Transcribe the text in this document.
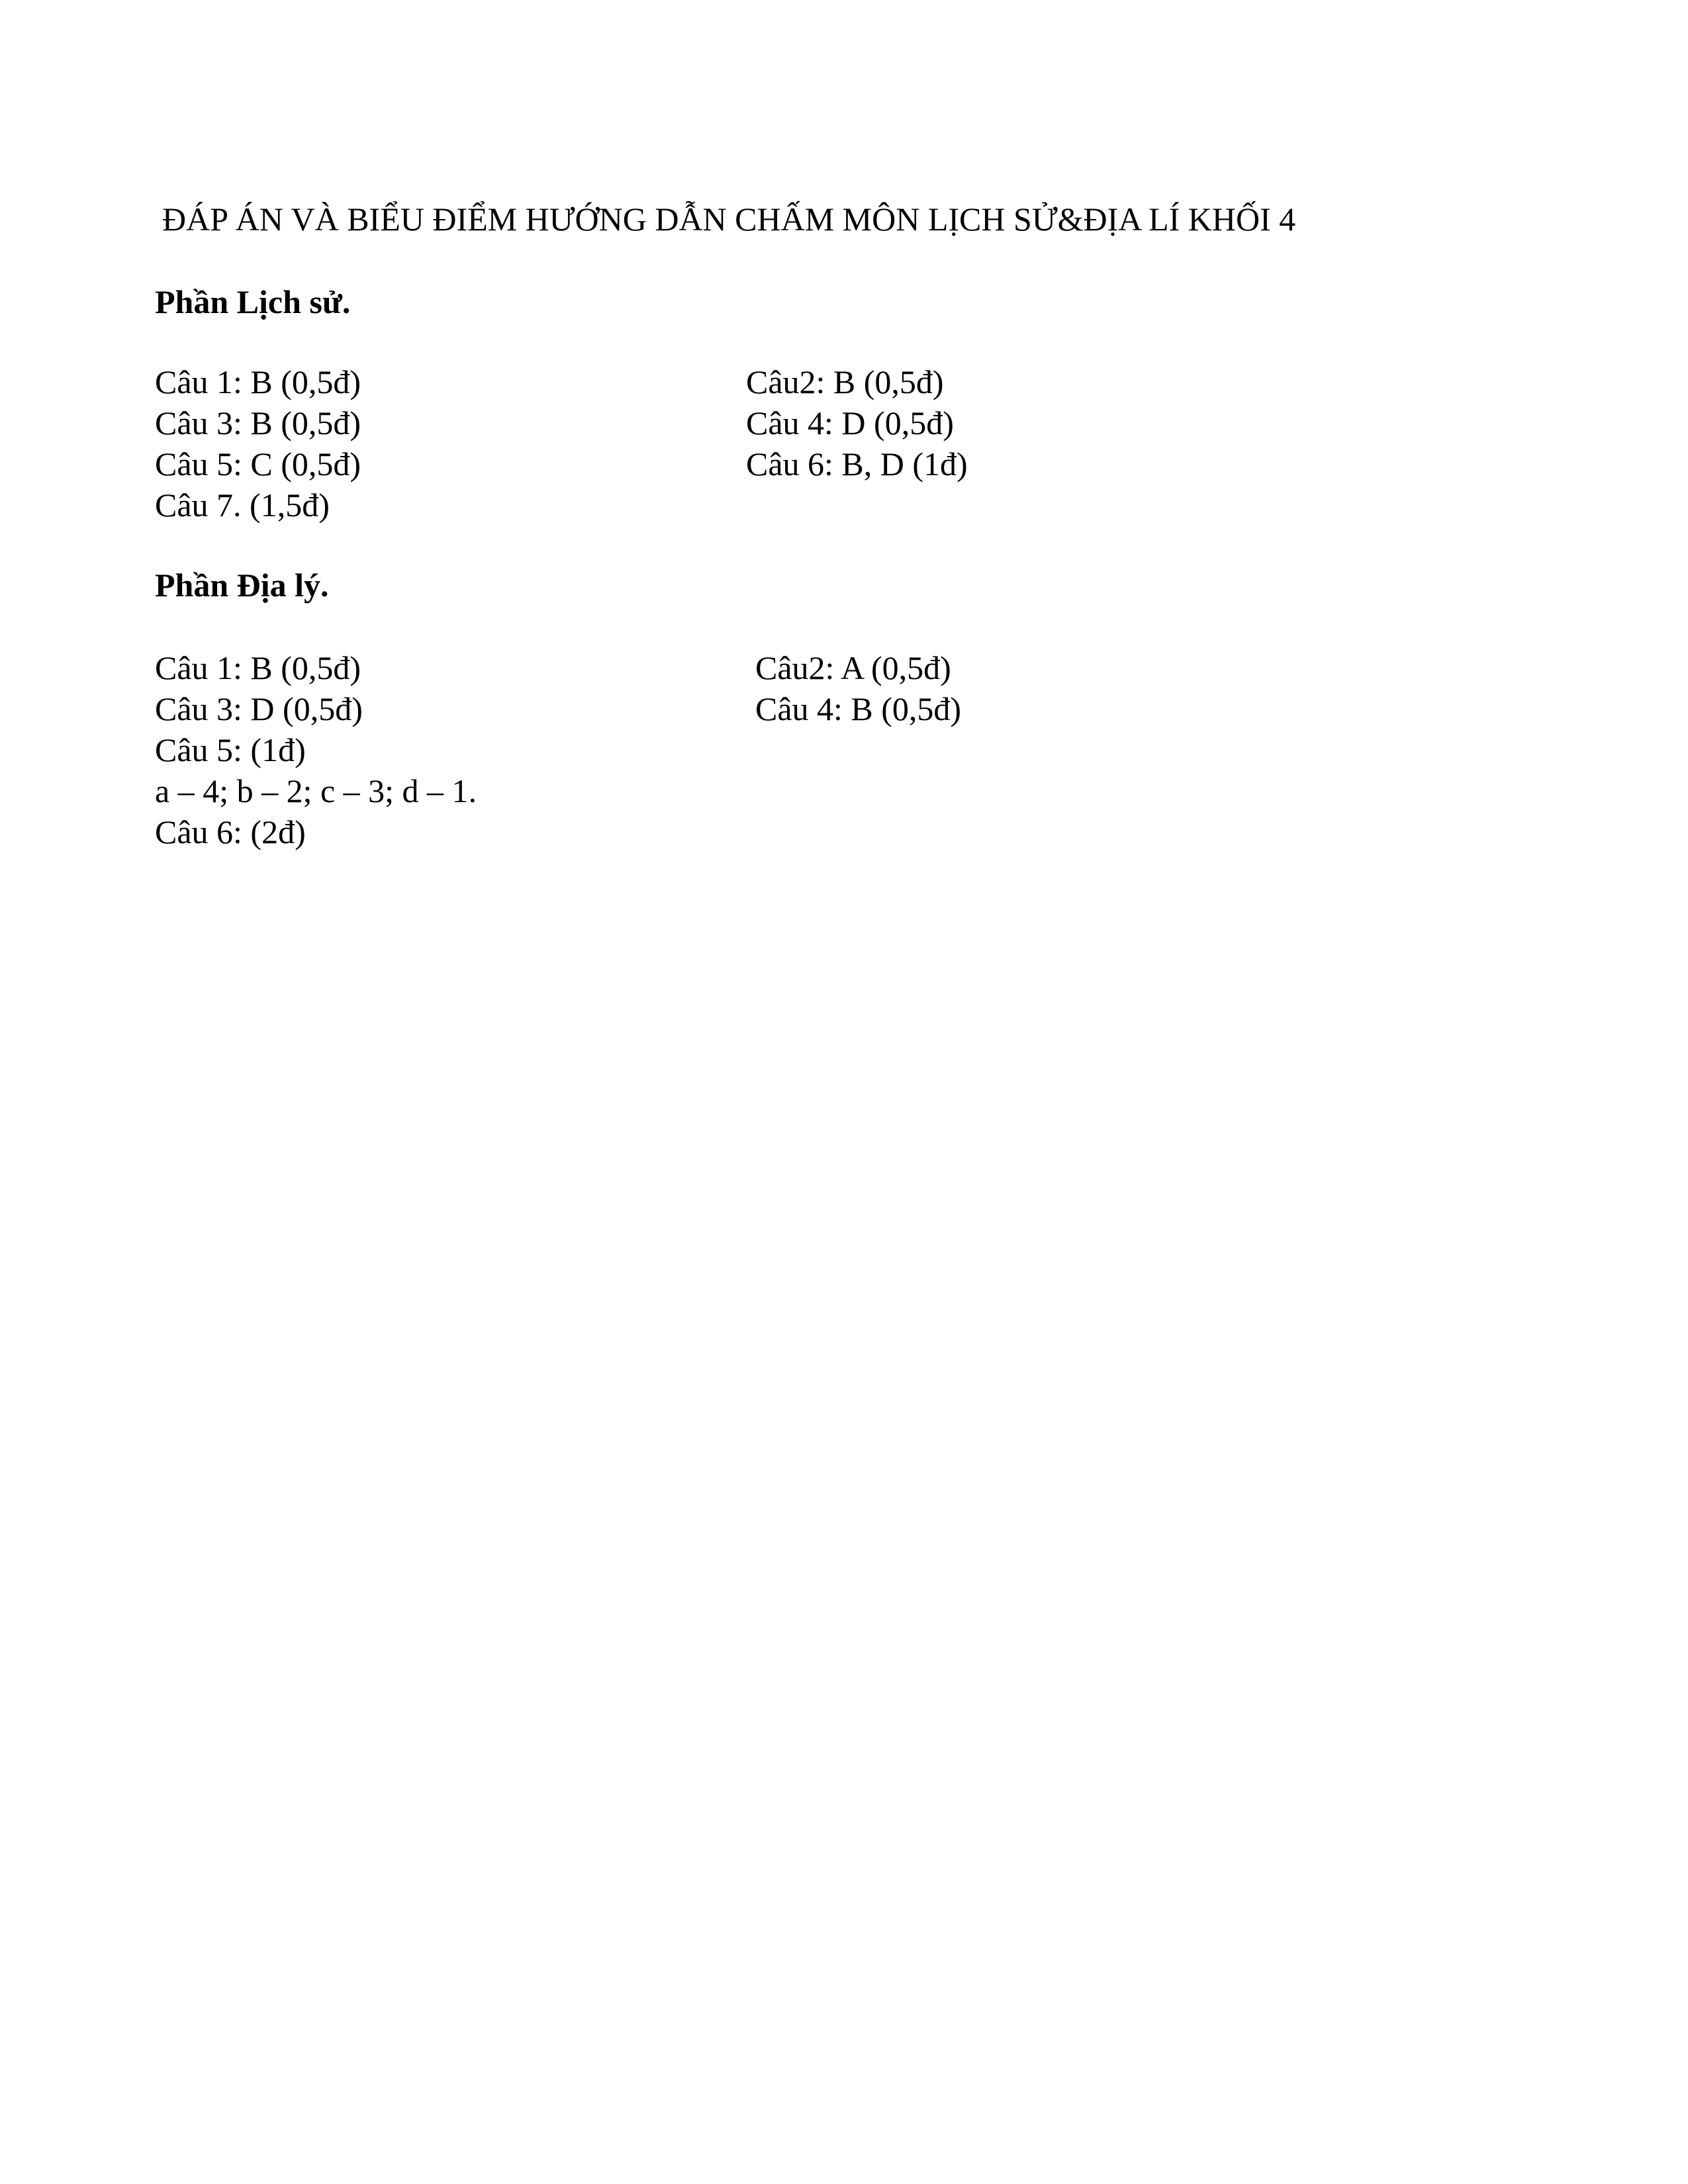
ĐÁP ÁN VÀ BIỂU ĐIỂM HƯỚNG DẪN CHẤM MÔN LỊCH SỬ&ĐỊA LÍ KHỐI 4
Phần Lịch sử.
Câu 1: B (0,5đ)	Câu2: B (0,5đ)
Câu 3: B (0,5đ)	Câu 4: D (0,5đ)
Câu 5: C (0,5đ)	Câu 6: B, D (1đ)
Câu 7. (1,5đ)
Phần Địa lý.
Câu 1: B (0,5đ)	Câu2: A (0,5đ)
Câu 3: D (0,5đ)	Câu 4: B (0,5đ)
Câu 5: (1đ)
a – 4; b – 2; c – 3; d – 1.
Câu 6: (2đ)
